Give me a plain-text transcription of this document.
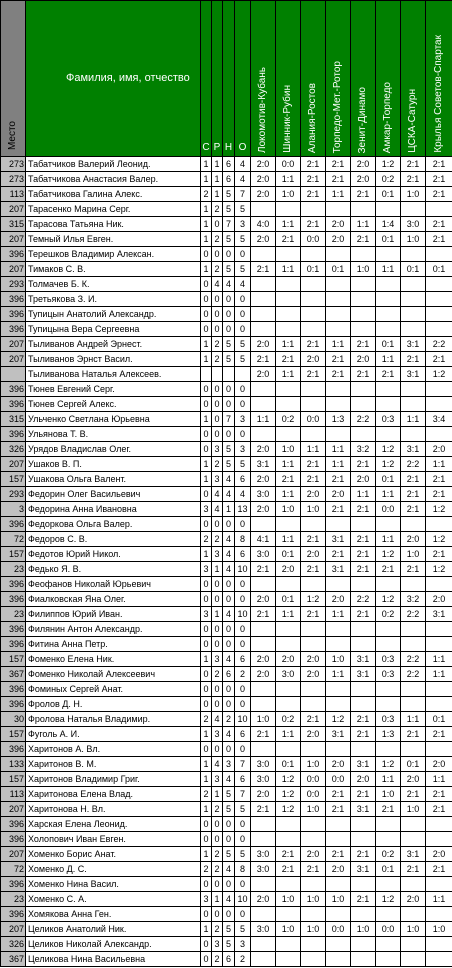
Место	Фамилия, имя, отчество	С	Р	Н	О	Локомотив-Кубань	Шинник-Рубин	Алания-Ростов	Торпедо-Мет.-Ротор	Зенит-Динамо	Амкар-Торпедо	ЦСКА-Сатурн	Крылья Советов-Спартак

273	Табатчиков Валерий Леонид.	1	1	6	4	2:0	0:0	2:1	2:1	2:0	1:2	2:1	2:1
273	Табатчикова Анастасия Валер.	1	1	6	4	2:0	1:1	2:1	2:1	2:0	0:2	2:1	2:1
113	Табатчикова Галина Алекс.	2	1	5	7	2:0	1:0	2:1	1:1	2:1	0:1	1:0	2:1
207	Тарасенко Марина Серг.	1	2	5	5								
315	Тарасова Татьяна Ник.	1	0	7	3	4:0	1:1	2:1	2:0	1:1	1:4	3:0	2:1
207	Темный Илья Евген.	1	2	5	5	2:0	2:1	0:0	2:0	2:1	0:1	1:0	2:1
396	Терешков Владимир Алексан.	0	0	0	0								
207	Тимаков С. В.	1	2	5	5	2:1	1:1	0:1	0:1	1:0	1:1	0:1	0:1
293	Толмачев Б. К.	0	4	4	4								
396	Третьякова З. И.	0	0	0	0								
396	Тупицын Анатолий Александр.	0	0	0	0								
396	Тупицына Вера Сергеевна	0	0	0	0								
207	Тыливанов Андрей Эрнест.	1	2	5	5	2:0	1:1	2:1	1:1	2:1	0:1	3:1	2:2
207	Тыливанов Эрнст Васил.	1	2	5	5	2:1	2:1	2:0	2:1	2:0	1:1	2:1	2:1
	Тыливанова Наталья Алексеев.					2:0	1:1	2:1	2:1	2:1	2:1	3:1	1:2
396	Тюнев Евгений Серг.	0	0	0	0								
396	Тюнев Сергей Алекс.	0	0	0	0								
315	Ульченко Светлана Юрьевна	1	0	7	3	1:1	0:2	0:0	1:3	2:2	0:3	1:1	3:4
396	Ульянова Т. В.	0	0	0	0								
326	Урядов Владислав Олег.	0	3	5	3	2:0	1:0	1:1	1:1	3:2	1:2	3:1	2:0
207	Ушаков В. П.	1	2	5	5	3:1	1:1	2:1	1:1	2:1	1:2	2:2	1:1
157	Ушакова Ольга Валент.	1	3	4	6	2:0	2:1	2:1	2:1	2:0	0:1	2:1	2:1
293	Федорин Олег Васильевич	0	4	4	4	3:0	1:1	2:0	2:0	1:1	1:1	2:1	2:1
3	Федорина Анна Ивановна	3	4	1	13	2:0	1:0	1:0	2:1	2:1	0:0	2:1	1:2
396	Федоркова Ольга Валер.	0	0	0	0								
72	Федоров С. В.	2	2	4	8	4:1	1:1	2:1	3:1	2:1	1:1	2:0	1:2
157	Федотов Юрий Никол.	1	3	4	6	3:0	0:1	2:0	2:1	2:1	1:2	1:0	2:1
23	Федько Я. В.	3	1	4	10	2:1	2:0	2:1	3:1	2:1	2:1	2:1	1:2
396	Феофанов Николай Юрьевич	0	0	0	0								
396	Фиалковская Яна Олег.	0	0	0	0	2:0	0:1	1:2	2:0	2:2	1:2	3:2	2:0
23	Филиппов Юрий Иван.	3	1	4	10	2:1	1:1	2:1	1:1	2:1	0:2	2:2	3:1
396	Филянин Антон Александр.	0	0	0	0								
396	Фитина Анна Петр.	0	0	0	0								
157	Фоменко Елена Ник.	1	3	4	6	2:0	2:0	2:0	1:0	3:1	0:3	2:2	1:1
367	Фоменко Николай Алексеевич	0	2	6	2	2:0	3:0	2:0	1:1	3:1	0:3	2:2	1:1
396	Фоминых Сергей Анат.	0	0	0	0								
396	Фролов Д. Н.	0	0	0	0								
30	Фролова Наталья Владимир.	2	4	2	10	1:0	0:2	2:1	1:2	2:1	0:3	1:1	0:1
157	Фуголь А. И.	1	3	4	6	2:1	1:1	2:0	3:1	2:1	1:3	2:1	2:1
396	Харитонов А. Вл.	0	0	0	0								
133	Харитонов В. М.	1	4	3	7	3:0	0:1	1:0	2:0	3:1	1:2	0:1	2:0
157	Харитонов Владимир Григ.	1	3	4	6	3:0	1:2	0:0	0:0	2:0	1:1	2:0	1:1
113	Харитонова Елена Влад.	2	1	5	7	2:0	1:2	0:0	2:1	2:1	1:0	2:1	2:1
207	Харитонова Н. Вл.	1	2	5	5	2:1	1:2	1:0	2:1	3:1	2:1	1:0	2:1
396	Харская Елена Леонид.	0	0	0	0								
396	Холопович Иван Евген.	0	0	0	0								
207	Хоменко Борис Анат.	1	2	5	5	3:0	2:1	2:0	2:1	2:1	0:2	3:1	2:0
72	Хоменко Д. С.	2	2	4	8	3:0	2:1	2:1	2:0	3:1	0:1	2:1	2:1
396	Хоменко Нина Васил.	0	0	0	0								
23	Хоменко С. А.	3	1	4	10	2:0	1:0	1:0	1:0	2:1	1:2	2:0	1:1
396	Хомякова Анна Ген.	0	0	0	0								
207	Целиков Анатолий Ник.	1	2	5	5	3:0	1:0	1:0	0:0	1:0	0:0	1:0	1:0
326	Целиков Николай Александр.	0	3	5	3								
367	Целикова Нина Васильевна	0	2	6	2								
